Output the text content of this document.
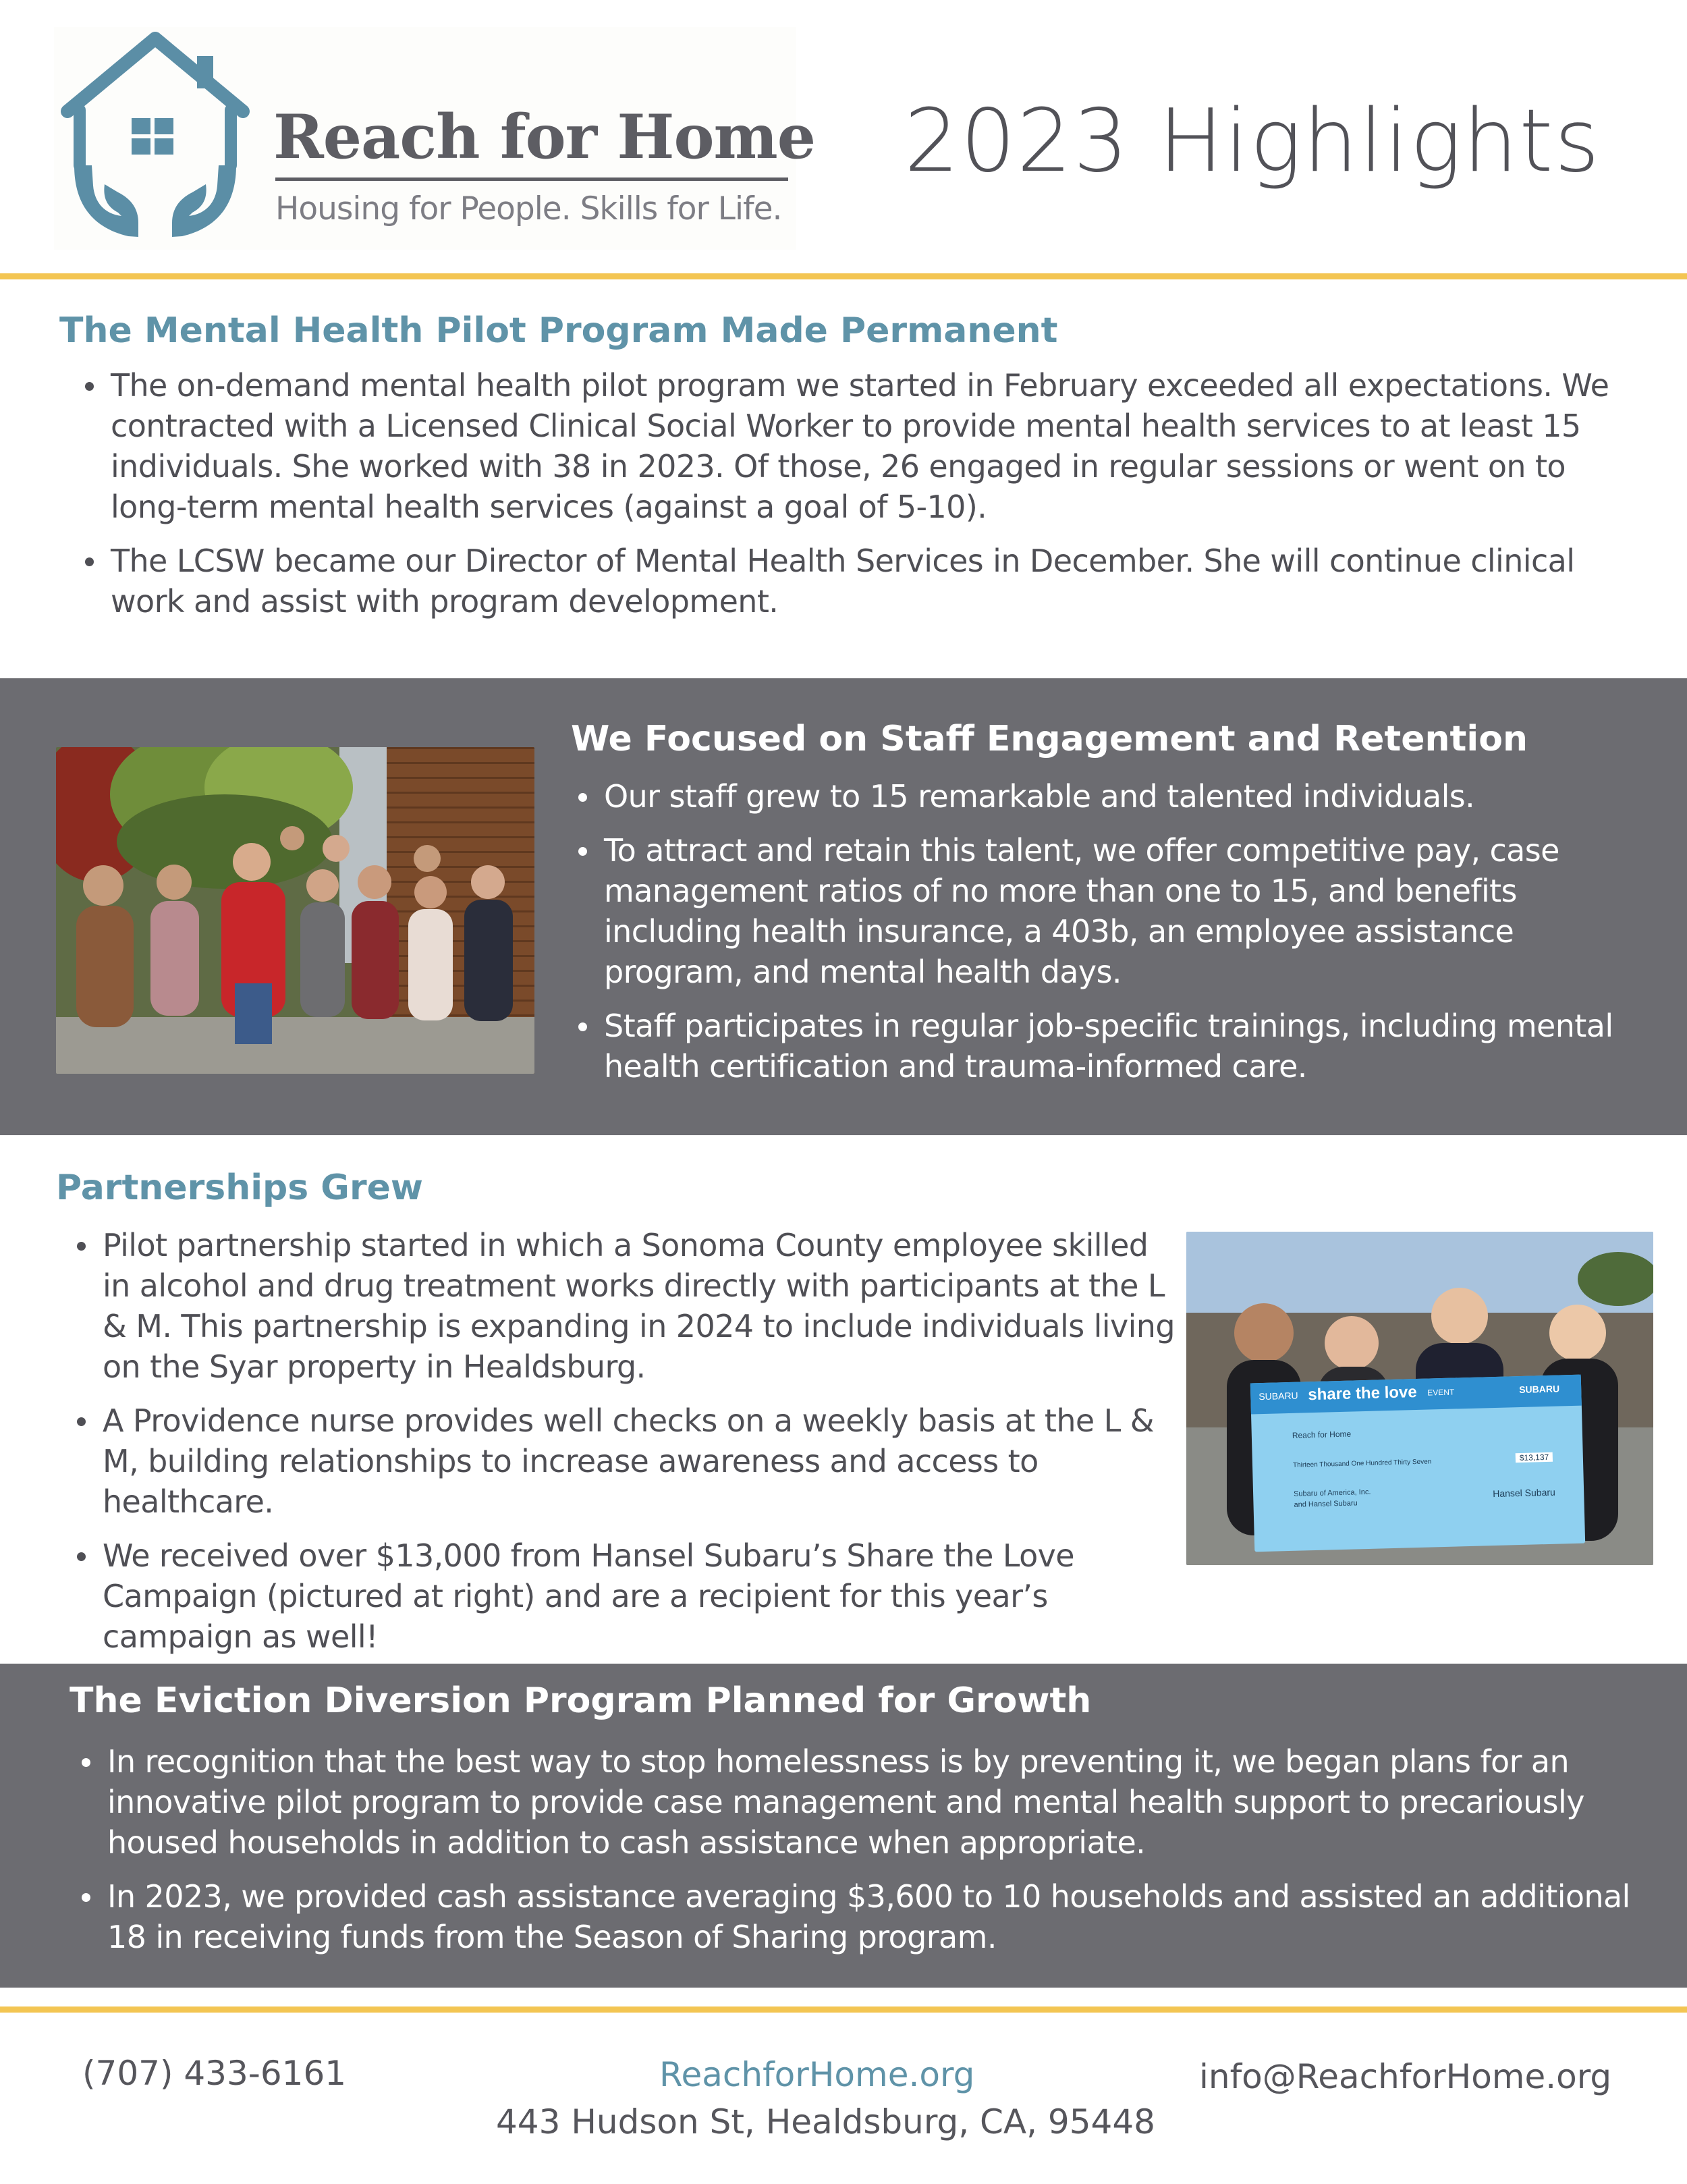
Reach for Home
Housing for People. Skills for Life.
2023 Highlights
The Mental Health Pilot Program Made Permanent
The on-demand mental health pilot program we started in February exceeded all expectations. We contracted with a Licensed Clinical Social Worker to provide mental health services to at least 15 individuals. She worked with 38 in 2023. Of those, 26 engaged in regular sessions or went on to long-term mental health services (against a goal of 5-10).
The LCSW became our Director of Mental Health Services in December. She will continue clinical work and assist with program development.
We Focused on Staff Engagement and Retention
Our staff grew to 15 remarkable and talented individuals.
To attract and retain this talent, we offer competitive pay, case management ratios of no more than one to 15, and benefits including health insurance, a 403b, an employee assistance program, and mental health days.
Staff participates in regular job-specific trainings, including mental health certification and trauma-informed care.
Partnerships Grew
Pilot partnership started in which a Sonoma County employee skilled in alcohol and drug treatment works directly with participants at the L & M. This partnership is expanding in 2024 to include individuals living on the Syar property in Healdsburg.
A Providence nurse provides well checks on a weekly basis at the L & M, building relationships to increase awareness and access to healthcare.
We received over $13,000 from Hansel Subaru’s Share the Love Campaign (pictured at right) and are a recipient for this year’s campaign as well!
SUBARU share the love EVENT	SUBARU
Reach for Home
Thirteen Thousand One Hundred Thirty Seven
$13,137
Subaru of America, Inc.
and Hansel Subaru
Hansel Subaru
The Eviction Diversion Program Planned for Growth
In recognition that the best way to stop homelessness is by preventing it, we began plans for an innovative pilot program to provide case management and mental health support to precariously housed households in addition to cash assistance when appropriate.
In 2023, we provided cash assistance averaging $3,600 to 10 households and assisted an additional 18 in receiving funds from the Season of Sharing program.
(707) 433-6161	ReachforHome.org	info@ReachforHome.org
443 Hudson St, Healdsburg, CA, 95448
